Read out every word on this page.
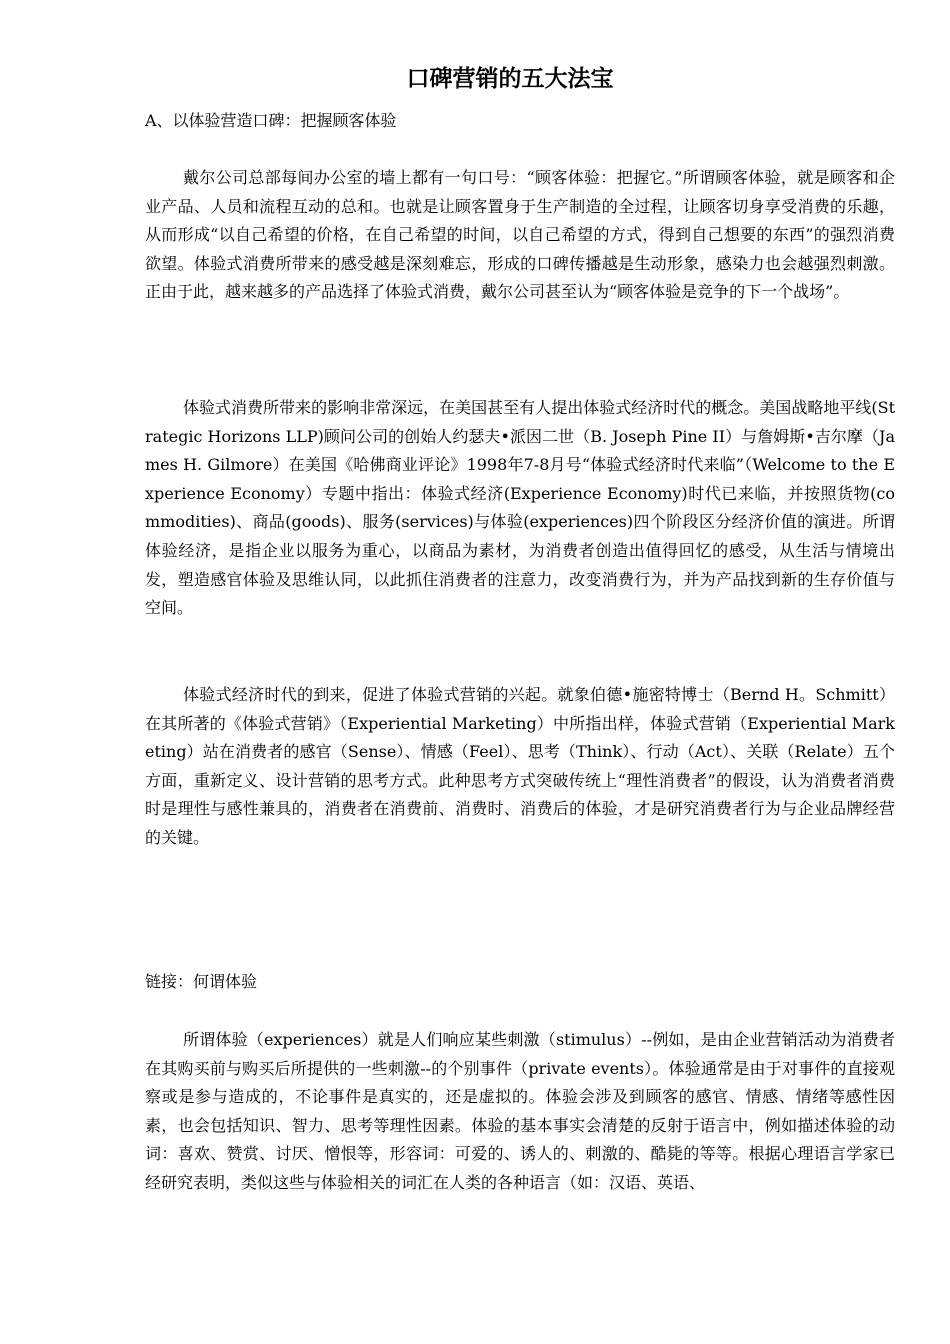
口碑营销的五大法宝

A、以体验营造口碑：把握顾客体验

戴尔公司总部每间办公室的墙上都有一句口号：“顾客体验：把握它。”所谓顾客体验，就是顾客和企业产品、人员和流程互动的总和。也就是让顾客置身于生产制造的全过程，让顾客切身享受消费的乐趣，从而形成“以自己希望的价格，在自己希望的时间，以自己希望的方式，得到自己想要的东西”的强烈消费欲望。体验式消费所带来的感受越是深刻难忘，形成的口碑传播越是生动形象，感染力也会越强烈刺激。正由于此，越来越多的产品选择了体验式消费，戴尔公司甚至认为“顾客体验是竞争的下一个战场”。

体验式消费所带来的影响非常深远，在美国甚至有人提出体验式经济时代的概念。美国战略地平线(Strategic Horizons LLP)顾问公司的创始人约瑟夫•派因二世（B. Joseph Pine II）与詹姆斯•吉尔摩（James H. Gilmore）在美国《哈佛商业评论》1998年7-8月号“体验式经济时代来临”（Welcome to the Experience Economy）专题中指出：体验式经济(Experience Economy)时代已来临，并按照货物(commodities)、商品(goods)、服务(services)与体验(experiences)四个阶段区分经济价值的演进。所谓体验经济，是指企业以服务为重心，以商品为素材，为消费者创造出值得回忆的感受，从生活与情境出发，塑造感官体验及思维认同，以此抓住消费者的注意力，改变消费行为，并为产品找到新的生存价值与空间。

体验式经济时代的到来，促进了体验式营销的兴起。就象伯德•施密特博士（Bernd H。Schmitt）在其所著的《体验式营销》（Experiential Marketing）中所指出样，体验式营销（Experiential Marketing）站在消费者的感官（Sense）、情感（Feel）、思考（Think）、行动（Act）、关联（Relate）五个方面，重新定义、设计营销的思考方式。此种思考方式突破传统上“理性消费者”的假设，认为消费者消费时是理性与感性兼具的，消费者在消费前、消费时、消费后的体验，才是研究消费者行为与企业品牌经营的关键。

链接：何谓体验

所谓体验（experiences）就是人们响应某些刺激（stimulus）--例如，是由企业营销活动为消费者在其购买前与购买后所提供的一些刺激--的个别事件（private events）。体验通常是由于对事件的直接观察或是参与造成的，不论事件是真实的，还是虚拟的。体验会涉及到顾客的感官、情感、情绪等感性因素，也会包括知识、智力、思考等理性因素。体验的基本事实会清楚的反射于语言中，例如描述体验的动词：喜欢、赞赏、讨厌、憎恨等，形容词：可爱的、诱人的、刺激的、酷毙的等等。根据心理语言学家已经研究表明，类似这些与体验相关的词汇在人类的各种语言（如：汉语、英语、
